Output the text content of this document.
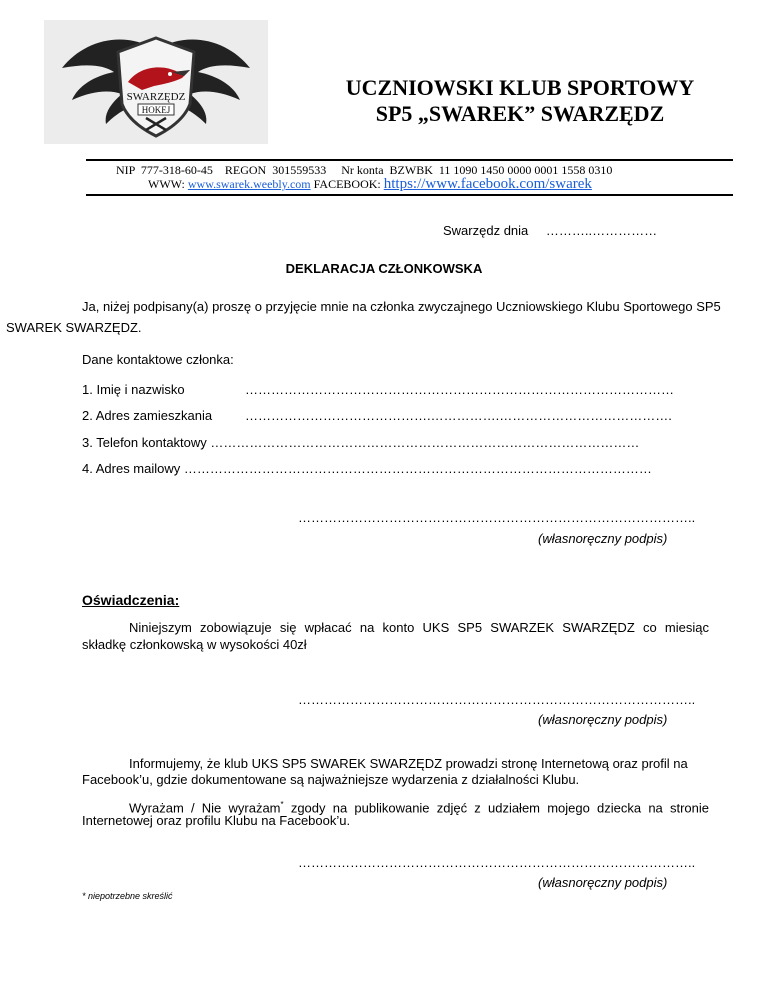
SWARZĘDZ
HOKEJ
UCZNIOWSKI KLUB SPORTOWY
SP5 „SWAREK” SWARZĘDZ
NIP  777-318-60-45    REGON  301559533     Nr konta  BZWBK  11 1090 1450 0000 0001 1558 0310
WWW: www.swarek.weebly.com FACEBOOK: https://www.facebook.com/swarek
Swarzędz dnia ………..……………
DEKLARACJA CZŁONKOWSKA
Ja, niżej podpisany(a) proszę o przyjęcie mnie na członka zwyczajnego Uczniowskiego Klubu Sportowego SP5
SWAREK SWARZĘDZ.
Dane kontaktowe członka:
1. Imię i nazwisko	………………………………………………………………………………………
2. Adres zamieszkania	…………………………………….…………….………………………………….
3. Telefon kontaktowy ………………………………………………………………………………………
4. Adres mailowy ………………………………………………………………………………………………
………………………………………………………………………………..
(własnoręczny podpis)
Oświadczenia:
Niniejszym zobowiązuje się wpłacać na konto UKS SP5 SWARZEK SWARZĘDZ co miesiąc
składkę członkowską w wysokości 40zł
………………………………………………………………………………..
(własnoręczny podpis)
Informujemy, że klub UKS SP5 SWAREK SWARZĘDZ prowadzi stronę Internetową oraz profil na
Facebook’u, gdzie dokumentowane są najważniejsze wydarzenia z działalności Klubu.
Wyrażam / Nie wyrażam* zgody na publikowanie zdjęć z udziałem mojego dziecka na stronie
Internetowej oraz profilu Klubu na Facebook’u.
………………………………………………………………………………..
(własnoręczny podpis)
* niepotrzebne skreślić
